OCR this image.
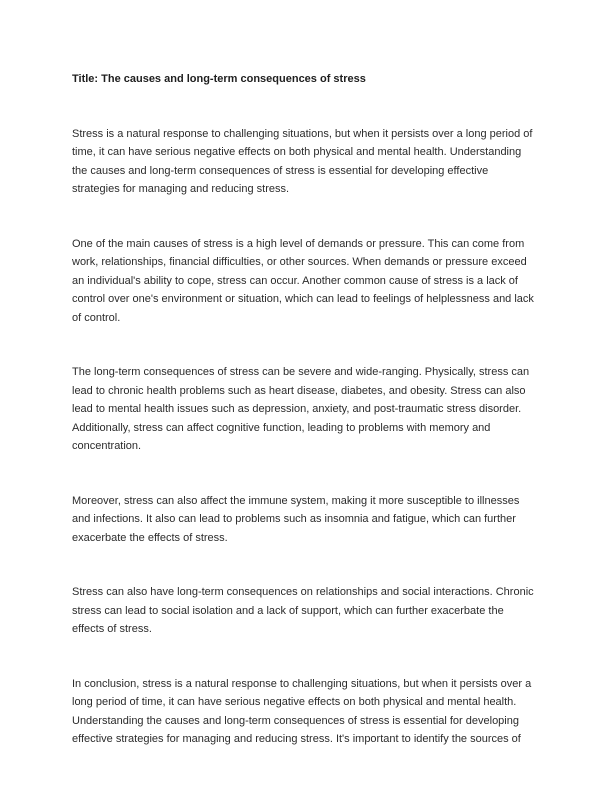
Title: The causes and long-term consequences of stress

Stress is a natural response to challenging situations, but when it persists over a long period of time, it can have serious negative effects on both physical and mental health. Understanding the causes and long-term consequences of stress is essential for developing effective strategies for managing and reducing stress.

One of the main causes of stress is a high level of demands or pressure. This can come from work, relationships, financial difficulties, or other sources. When demands or pressure exceed an individual's ability to cope, stress can occur. Another common cause of stress is a lack of control over one's environment or situation, which can lead to feelings of helplessness and lack of control.

The long-term consequences of stress can be severe and wide-ranging. Physically, stress can lead to chronic health problems such as heart disease, diabetes, and obesity. Stress can also lead to mental health issues such as depression, anxiety, and post-traumatic stress disorder. Additionally, stress can affect cognitive function, leading to problems with memory and concentration.

Moreover, stress can also affect the immune system, making it more susceptible to illnesses and infections. It also can lead to problems such as insomnia and fatigue, which can further exacerbate the effects of stress.

Stress can also have long-term consequences on relationships and social interactions. Chronic stress can lead to social isolation and a lack of support, which can further exacerbate the effects of stress.

In conclusion, stress is a natural response to challenging situations, but when it persists over a long period of time, it can have serious negative effects on both physical and mental health. Understanding the causes and long-term consequences of stress is essential for developing effective strategies for managing and reducing stress. It's important to identify the sources of
